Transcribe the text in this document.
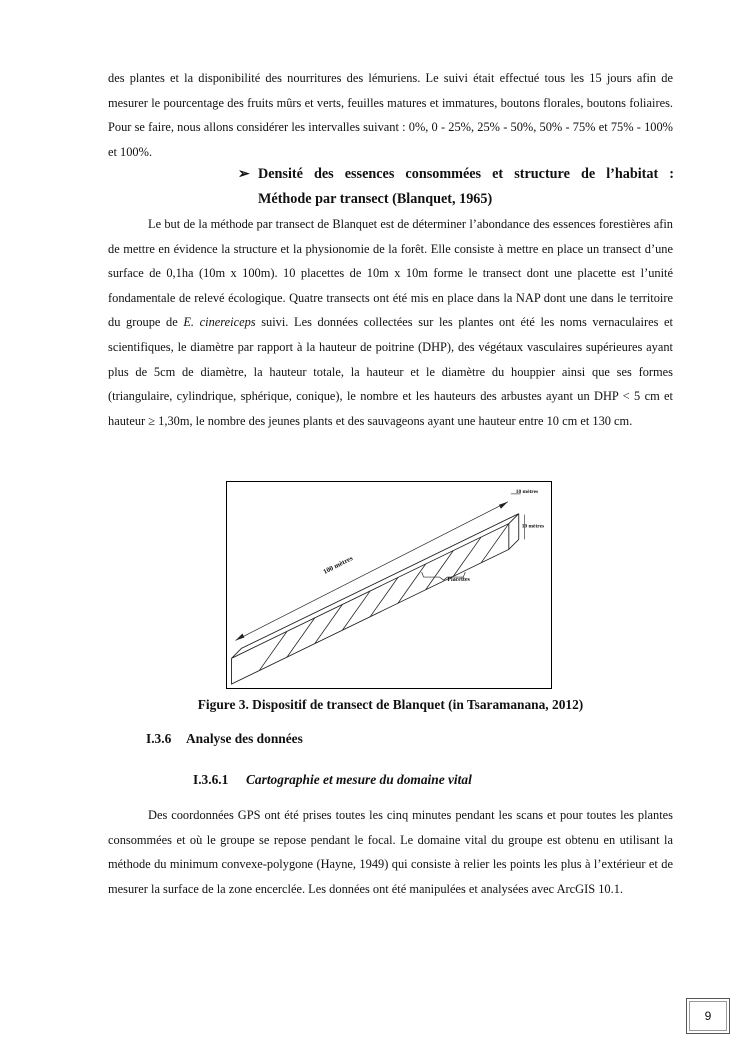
des plantes et la disponibilité des nourritures des lémuriens. Le suivi était effectué tous les 15 jours afin de mesurer le pourcentage des fruits mûrs et verts, feuilles matures et immatures, boutons florales, boutons foliaires. Pour se faire, nous allons considérer les intervalles suivant : 0%, 0 - 25%, 25% - 50%, 50% - 75% et 75% - 100% et 100%.

➢ Densité des essences consommées et structure de l’habitat :
Méthode par transect (Blanquet, 1965)

Le but de la méthode par transect de Blanquet est de déterminer l’abondance des essences forestières afin de mettre en évidence la structure et la physionomie de la forêt. Elle consiste à mettre en place un transect d’une surface de 0,1ha (10m x 100m). 10 placettes de 10m x 10m forme le transect dont une placette est l’unité fondamentale de relevé écologique. Quatre transects ont été mis en place dans la NAP dont une dans le territoire du groupe de E. cinereiceps suivi. Les données collectées sur les plantes ont été les noms vernaculaires et scientifiques, le diamètre par rapport à la hauteur de poitrine (DHP), des végétaux vasculaires supérieures ayant plus de 5cm de diamètre, la hauteur totale, la hauteur et le diamètre du houppier ainsi que ses formes (triangulaire, cylindrique, sphérique, conique), le nombre et les hauteurs des arbustes ayant un DHP < 5 cm et hauteur ≥ 1,30m, le nombre des jeunes plants et des sauvageons ayant une hauteur entre 10 cm et 130 cm.

100 mètres
10 mètres
10 mètres
Placettes
Figure 3. Dispositif de transect de Blanquet (in Tsaramanana, 2012)
I.3.6 Analyse des données
I.3.6.1 Cartographie et mesure du domaine vital

Des coordonnées GPS ont été prises toutes les cinq minutes pendant les scans et pour toutes les plantes consommées et où le groupe se repose pendant le focal. Le domaine vital du groupe est obtenu en utilisant la méthode du minimum convexe-polygone (Hayne, 1949) qui consiste à relier les points les plus à l’extérieur et de mesurer la surface de la zone encerclée. Les données ont été manipulées et analysées avec ArcGIS 10.1.

9
